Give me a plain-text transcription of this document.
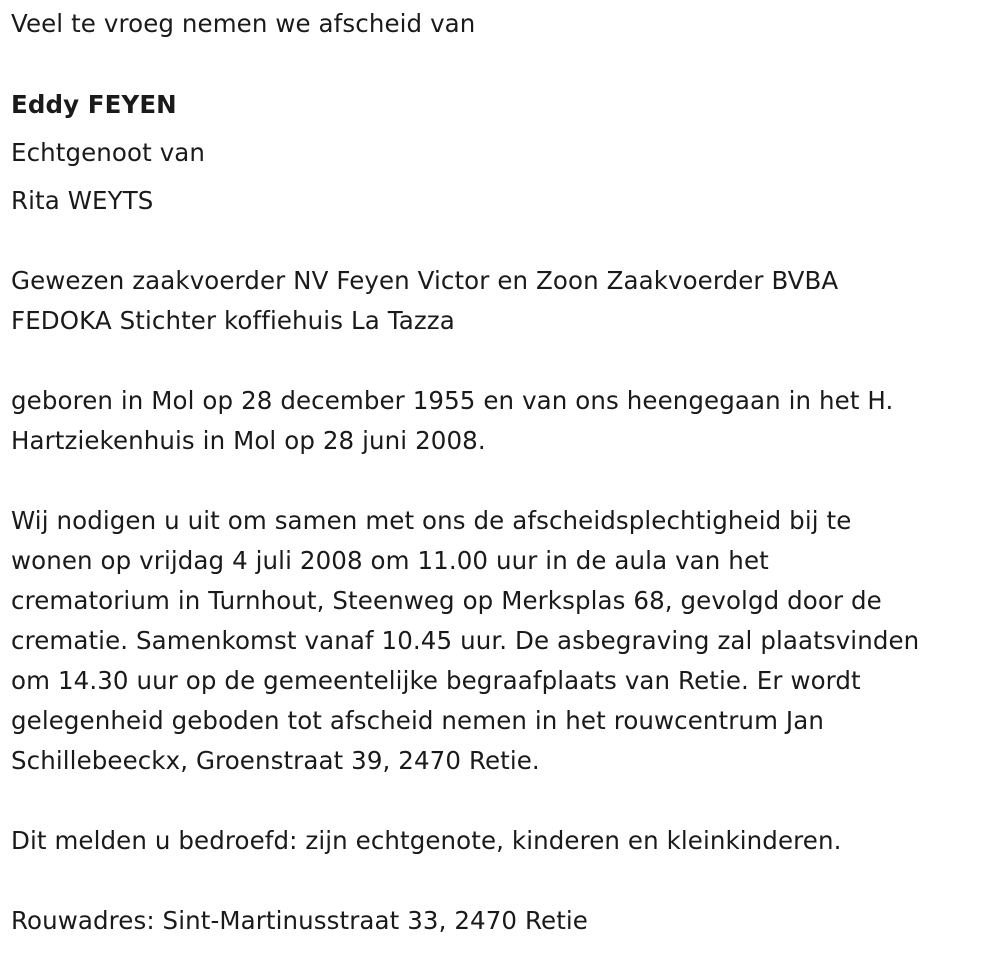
Veel te vroeg nemen we afscheid van
Eddy FEYEN
Echtgenoot van
Rita WEYTS
Gewezen zaakvoerder NV Feyen Victor en Zoon Zaakvoerder BVBA
FEDOKA Stichter koffiehuis La Tazza
geboren in Mol op 28 december 1955 en van ons heengegaan in het H.
Hartziekenhuis in Mol op 28 juni 2008.
Wij nodigen u uit om samen met ons de afscheidsplechtigheid bij te
wonen op vrijdag 4 juli 2008 om 11.00 uur in de aula van het
crematorium in Turnhout, Steenweg op Merksplas 68, gevolgd door de
crematie. Samenkomst vanaf 10.45 uur. De asbegraving zal plaatsvinden
om 14.30 uur op de gemeentelijke begraafplaats van Retie. Er wordt
gelegenheid geboden tot afscheid nemen in het rouwcentrum Jan
Schillebeeckx, Groenstraat 39, 2470 Retie.
Dit melden u bedroefd: zijn echtgenote, kinderen en kleinkinderen.
Rouwadres: Sint-Martinusstraat 33, 2470 Retie
